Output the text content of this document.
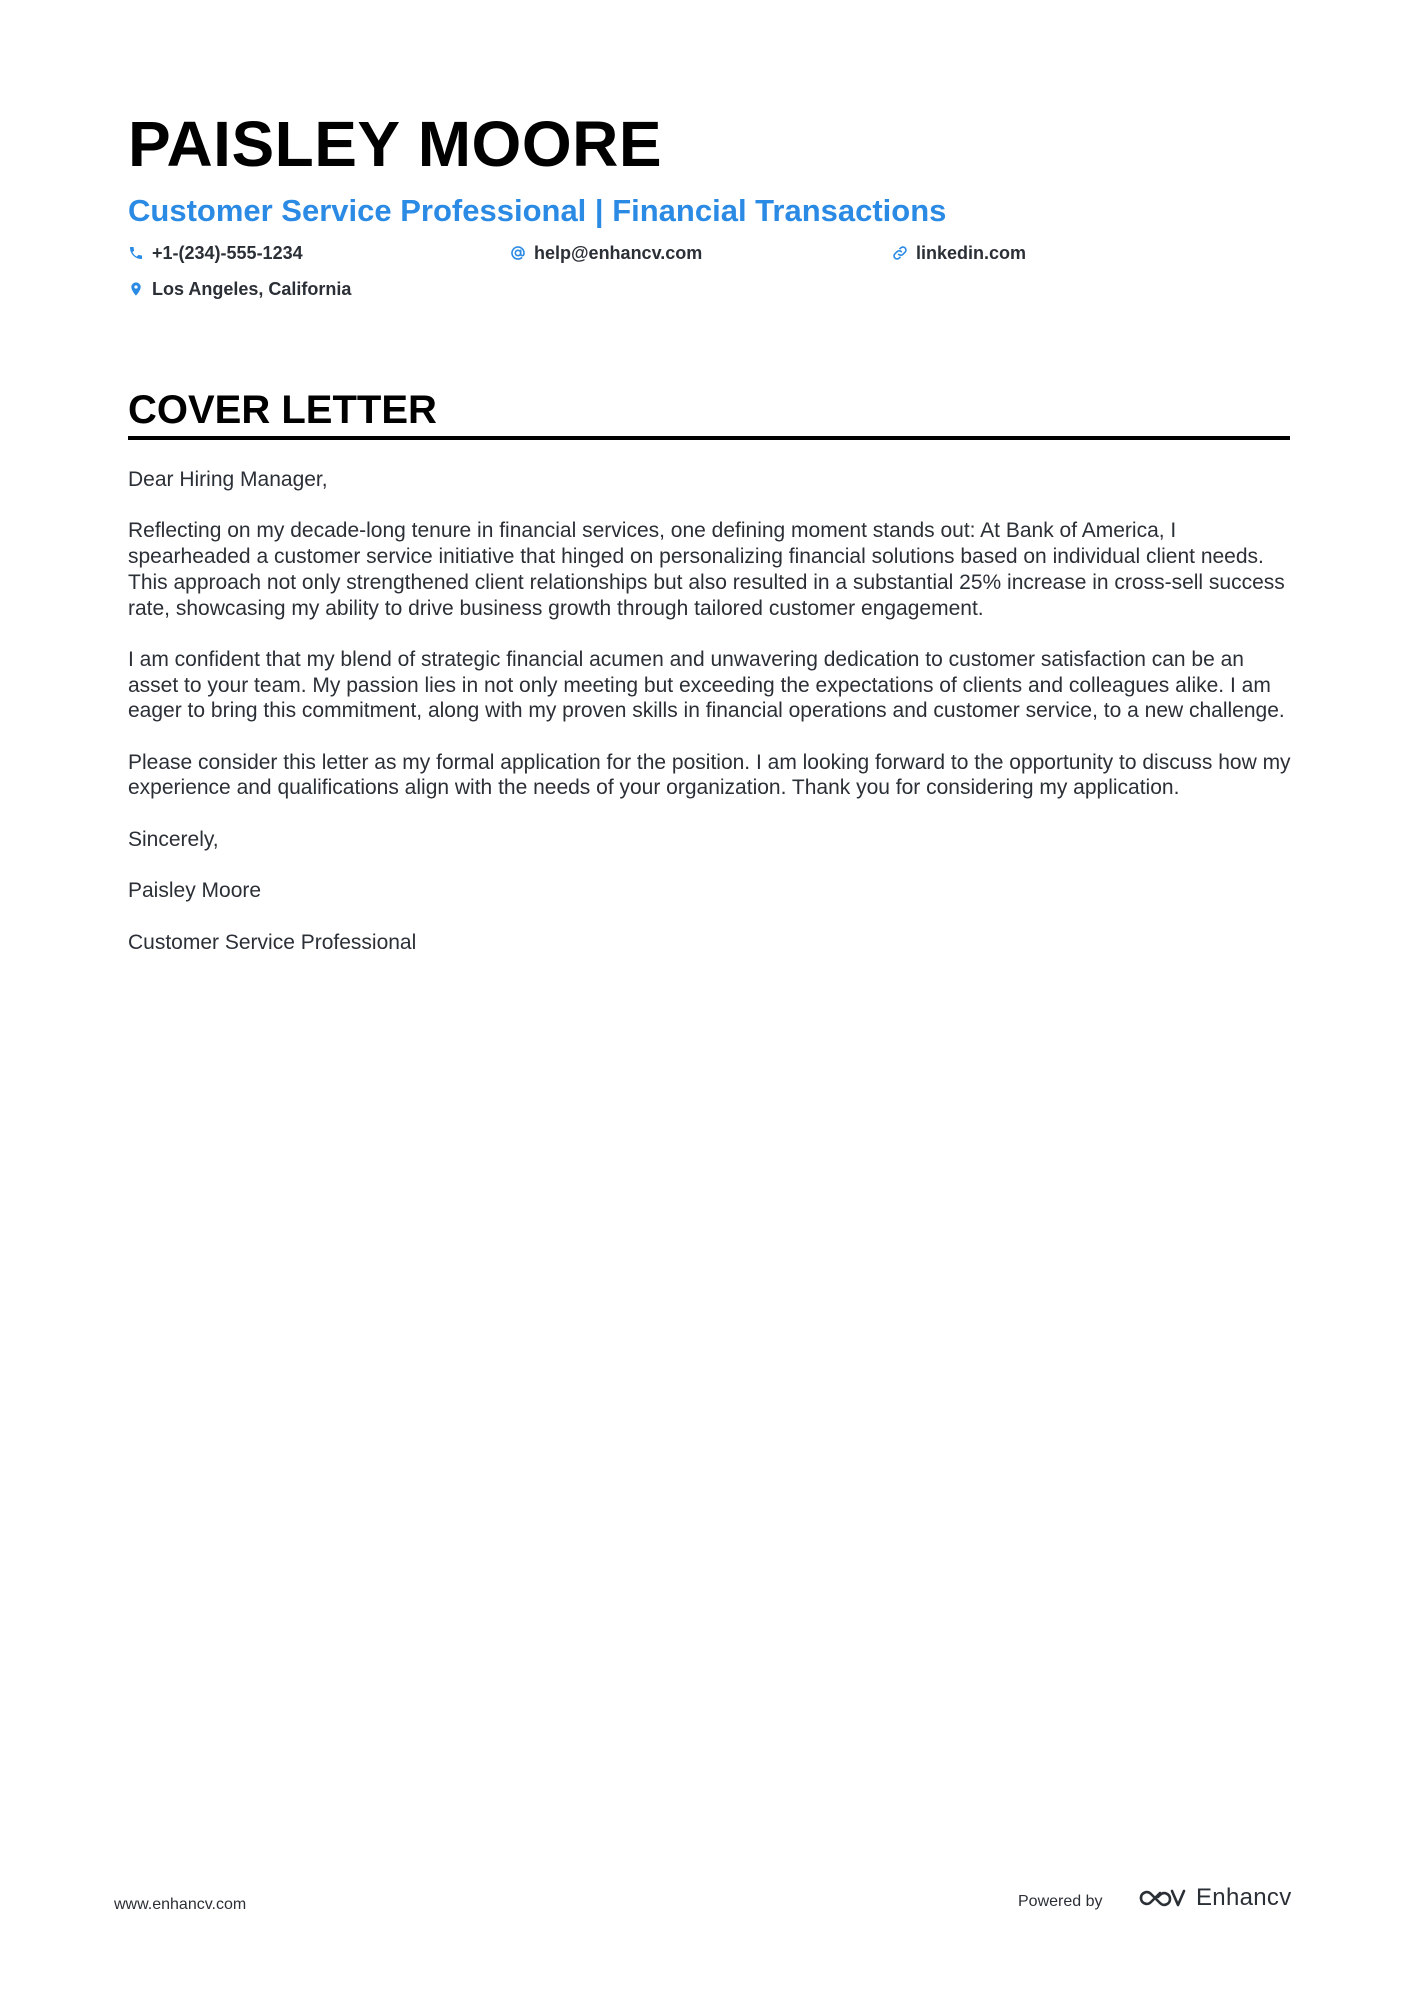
PAISLEY MOORE
Customer Service Professional | Financial Transactions
+1-(234)-555-1234	help@enhancv.com	linkedin.com
Los Angeles, California
COVER LETTER

Dear Hiring Manager,

Reflecting on my decade-long tenure in financial services, one defining moment stands out: At Bank of America, I spearheaded a customer service initiative that hinged on personalizing financial solutions based on individual client needs. This approach not only strengthened client relationships but also resulted in a substantial 25% increase in cross-sell success rate, showcasing my ability to drive business growth through tailored customer engagement.

I am confident that my blend of strategic financial acumen and unwavering dedication to customer satisfaction can be an asset to your team. My passion lies in not only meeting but exceeding the expectations of clients and colleagues alike. I am eager to bring this commitment, along with my proven skills in financial operations and customer service, to a new challenge.

Please consider this letter as my formal application for the position. I am looking forward to the opportunity to discuss how my experience and qualifications align with the needs of your organization. Thank you for considering my application.

Sincerely,

Paisley Moore

Customer Service Professional

www.enhancv.com	Powered by	Enhancv
